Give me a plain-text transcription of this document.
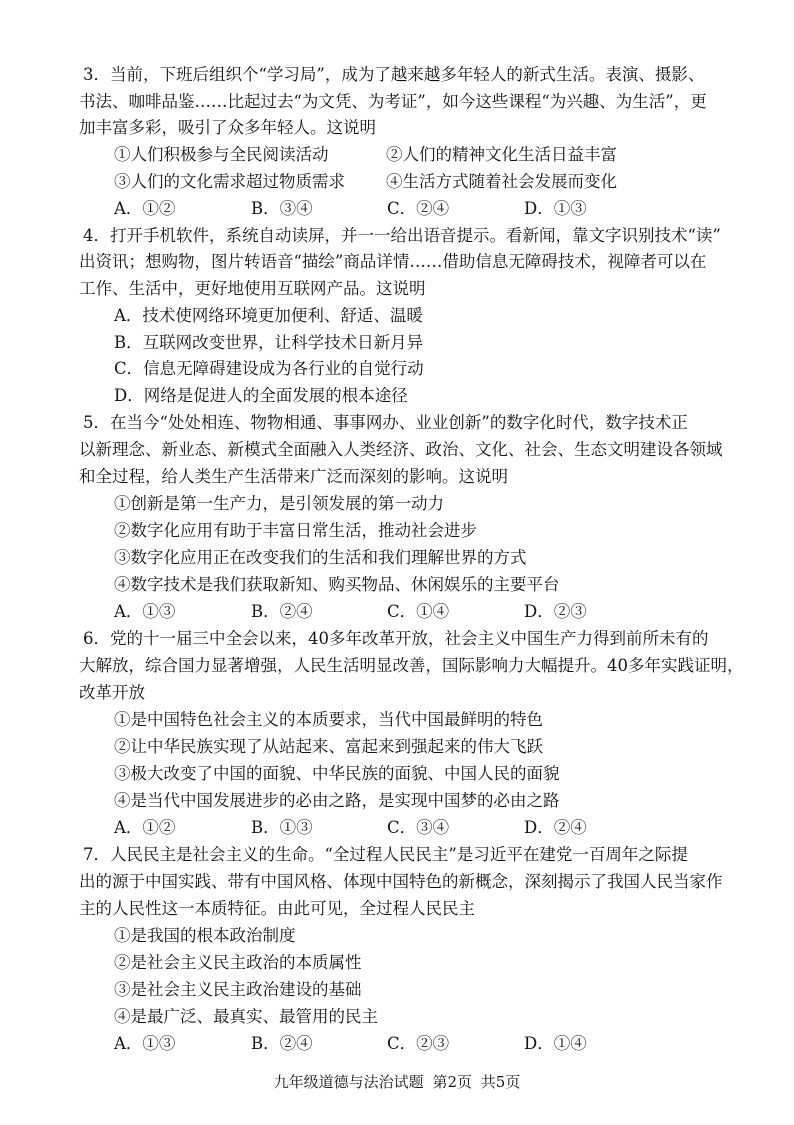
3．当前，下班后组织个“学习局”，成为了越来越多年轻人的新式生活。表演、摄影、
书法、咖啡品鉴……比起过去“为文凭、为考证”，如今这些课程“为兴趣、为生活”，更
加丰富多彩，吸引了众多年轻人。这说明
①人们积极参与全民阅读活动	②人们的精神文化生活日益丰富
③人们的文化需求超过物质需求 ④生活方式随着社会发展而变化
A．①②	B．③④	C．②④	D．①③
4．打开手机软件，系统自动读屏，并一一给出语音提示。看新闻，靠文字识别技术“读”
出资讯；想购物，图片转语音“描绘”商品详情……借助信息无障碍技术，视障者可以在
工作、生活中，更好地使用互联网产品。这说明
A．技术使网络环境更加便利、舒适、温暖
B．互联网改变世界，让科学技术日新月异
C．信息无障碍建设成为各行业的自觉行动
D．网络是促进人的全面发展的根本途径
5．在当今“处处相连、物物相通、事事网办、业业创新”的数字化时代，数字技术正
以新理念、新业态、新模式全面融入人类经济、政治、文化、社会、生态文明建设各领域
和全过程，给人类生产生活带来广泛而深刻的影响。这说明
①创新是第一生产力，是引领发展的第一动力
②数字化应用有助于丰富日常生活，推动社会进步
③数字化应用正在改变我们的生活和我们理解世界的方式
④数字技术是我们获取新知、购买物品、休闲娱乐的主要平台
A．①③	B．②④	C．①④	D．②③
6．党的十一届三中全会以来，40多年改革开放，社会主义中国生产力得到前所未有的
大解放，综合国力显著增强，人民生活明显改善，国际影响力大幅提升。40多年实践证明，
改革开放
①是中国特色社会主义的本质要求，当代中国最鲜明的特色
②让中华民族实现了从站起来、富起来到强起来的伟大飞跃
③极大改变了中国的面貌、中华民族的面貌、中国人民的面貌
④是当代中国发展进步的必由之路，是实现中国梦的必由之路
A．①②	B．①③	C．③④	D．②④
7．人民民主是社会主义的生命。“全过程人民民主”是习近平在建党一百周年之际提
出的源于中国实践、带有中国风格、体现中国特色的新概念，深刻揭示了我国人民当家作
主的人民性这一本质特征。由此可见，全过程人民民主
①是我国的根本政治制度
②是社会主义民主政治的本质属性
③是社会主义民主政治建设的基础
④是最广泛、最真实、最管用的民主
A．①③	B．②④	C．②③	D．①④
九年级道德与法治试题 第2页 共5页
